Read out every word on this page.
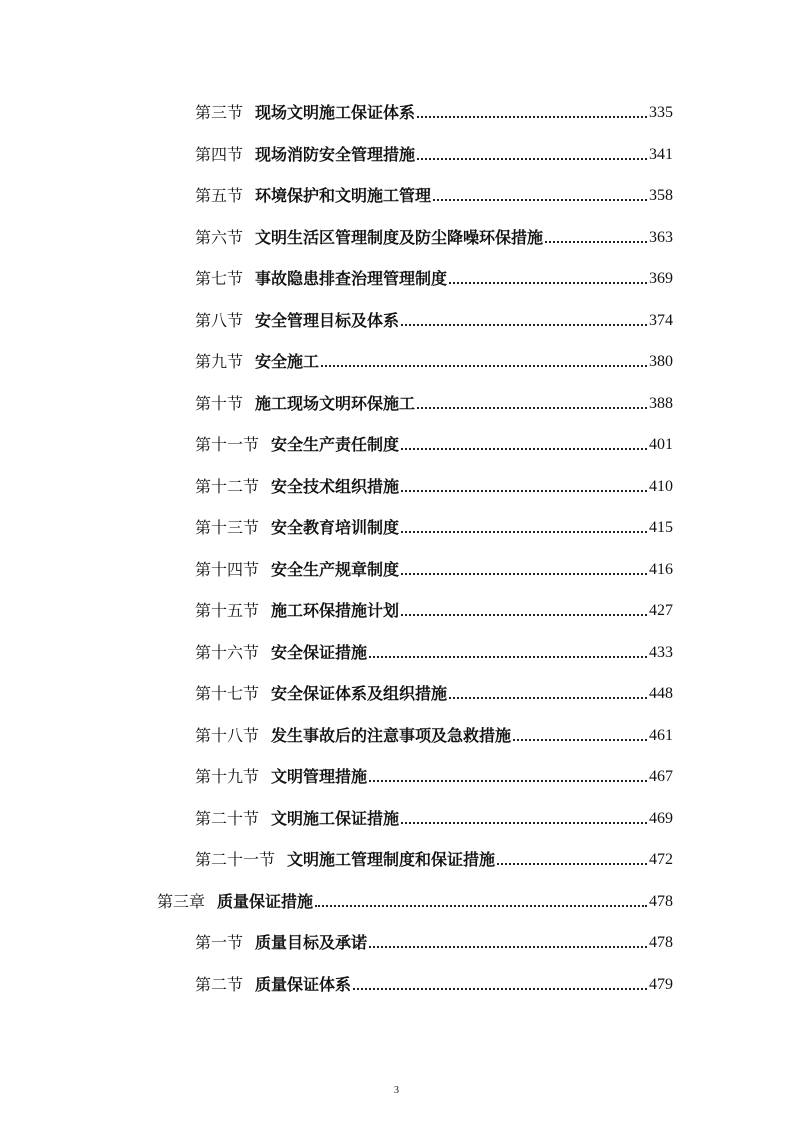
第三节 现场文明施工保证体系	335
第四节 现场消防安全管理措施	341
第五节 环境保护和文明施工管理	358
第六节 文明生活区管理制度及防尘降噪环保措施	363
第七节 事故隐患排查治理管理制度	369
第八节 安全管理目标及体系	374
第九节 安全施工	380
第十节 施工现场文明环保施工	388
第十一节 安全生产责任制度	401
第十二节 安全技术组织措施	410
第十三节 安全教育培训制度	415
第十四节 安全生产规章制度	416
第十五节 施工环保措施计划	427
第十六节 安全保证措施	433
第十七节 安全保证体系及组织措施	448
第十八节 发生事故后的注意事项及急救措施	461
第十九节 文明管理措施	467
第二十节 文明施工保证措施	469
第二十一节 文明施工管理制度和保证措施	472
第三章 质量保证措施	478
第一节 质量目标及承诺	478
第二节 质量保证体系	479
3
